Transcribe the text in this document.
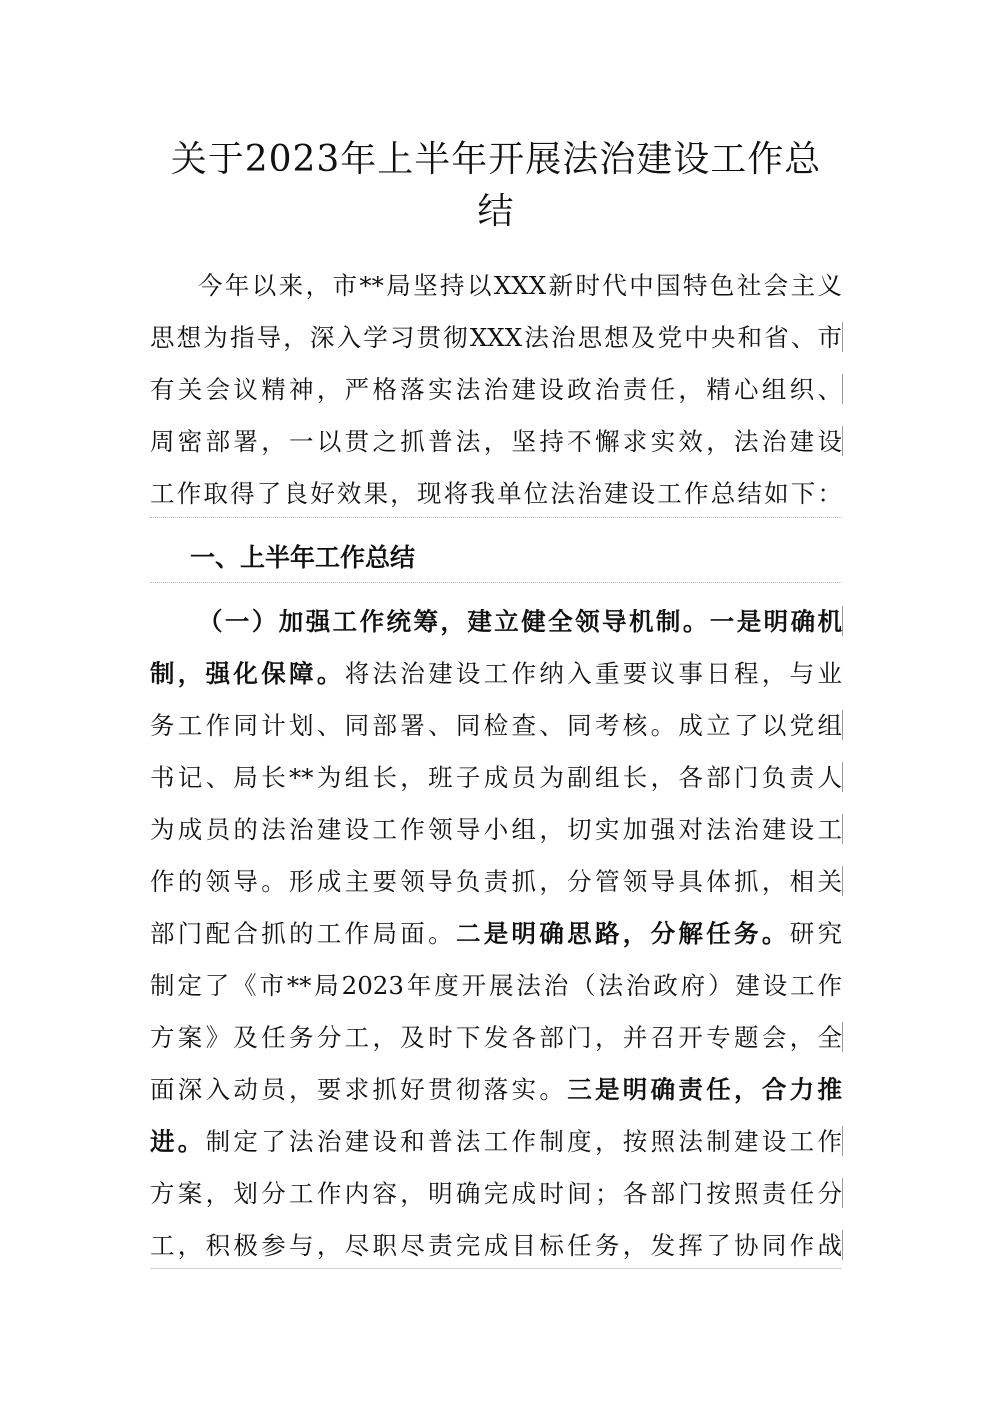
关于2023年上半年开展法治建设工作总
结
今年以来，市**局坚持以XXX新时代中国特色社会主义
思想为指导，深入学习贯彻XXX法治思想及党中央和省、市
有关会议精神，严格落实法治建设政治责任，精心组织、
周密部署，一以贯之抓普法，坚持不懈求实效，法治建设
工作取得了良好效果，现将我单位法治建设工作总结如下：
一、上半年工作总结
（一）加强工作统筹，建立健全领导机制。一是明确机
制，强化保障。将法治建设工作纳入重要议事日程，与业
务工作同计划、同部署、同检查、同考核。成立了以党组
书记、局长**为组长，班子成员为副组长，各部门负责人
为成员的法治建设工作领导小组，切实加强对法治建设工
作的领导。形成主要领导负责抓，分管领导具体抓，相关
部门配合抓的工作局面。二是明确思路，分解任务。研究
制定了《市**局2023年度开展法治（法治政府）建设工作
方案》及任务分工，及时下发各部门，并召开专题会，全
面深入动员，要求抓好贯彻落实。三是明确责任，合力推
进。制定了法治建设和普法工作制度，按照法制建设工作
方案，划分工作内容，明确完成时间；各部门按照责任分
工，积极参与，尽职尽责完成目标任务，发挥了协同作战
